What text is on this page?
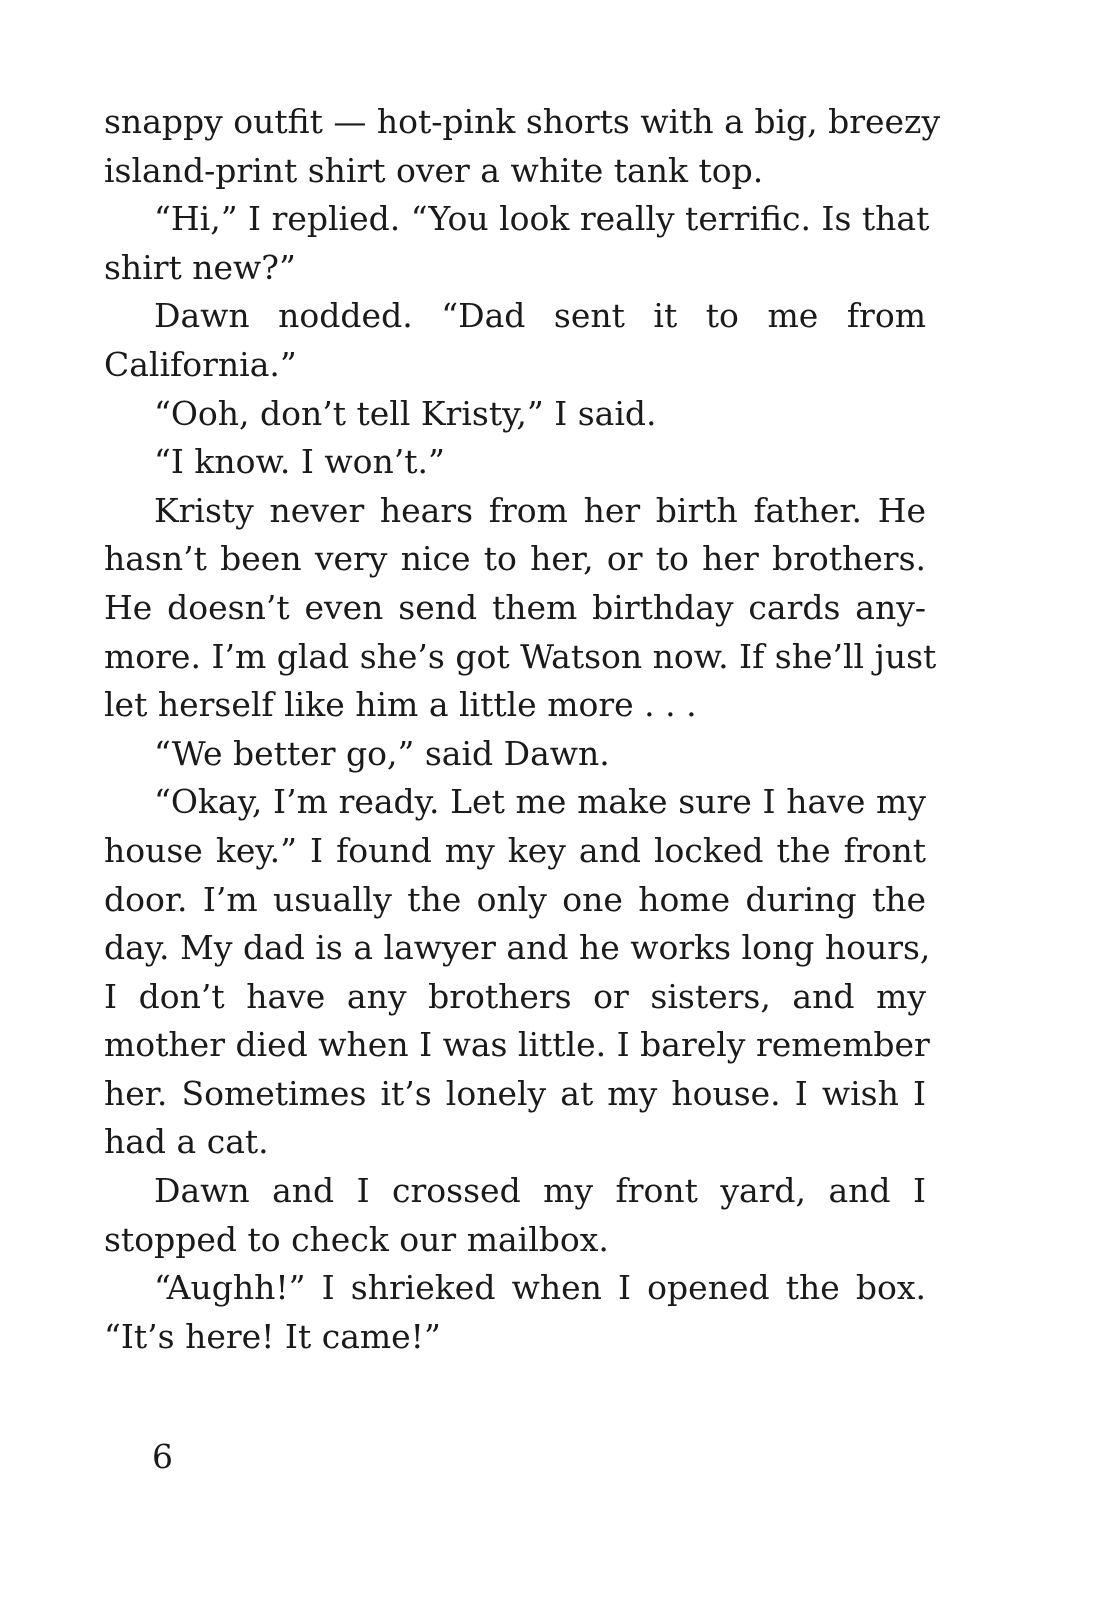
snappy outfit — hot-pink shorts with a big, breezy
island-print shirt over a white tank top.
“Hi,” I replied. “You look really terrific. Is that
shirt new?”
Dawn nodded. “Dad sent it to me from
California.”
“Ooh, don’t tell Kristy,” I said.
“I know. I won’t.”
Kristy never hears from her birth father. He
hasn’t been very nice to her, or to her brothers.
He doesn’t even send them birthday cards any-
more. I’m glad she’s got Watson now. If she’ll just
let herself like him a little more . . .
“We better go,” said Dawn.
“Okay, I’m ready. Let me make sure I have my
house key.” I found my key and locked the front
door. I’m usually the only one home during the
day. My dad is a lawyer and he works long hours,
I don’t have any brothers or sisters, and my
mother died when I was little. I barely remember
her. Sometimes it’s lonely at my house. I wish I
had a cat.
Dawn and I crossed my front yard, and I
stopped to check our mailbox.
“Aughh!” I shrieked when I opened the box.
“It’s here! It came!”
6
